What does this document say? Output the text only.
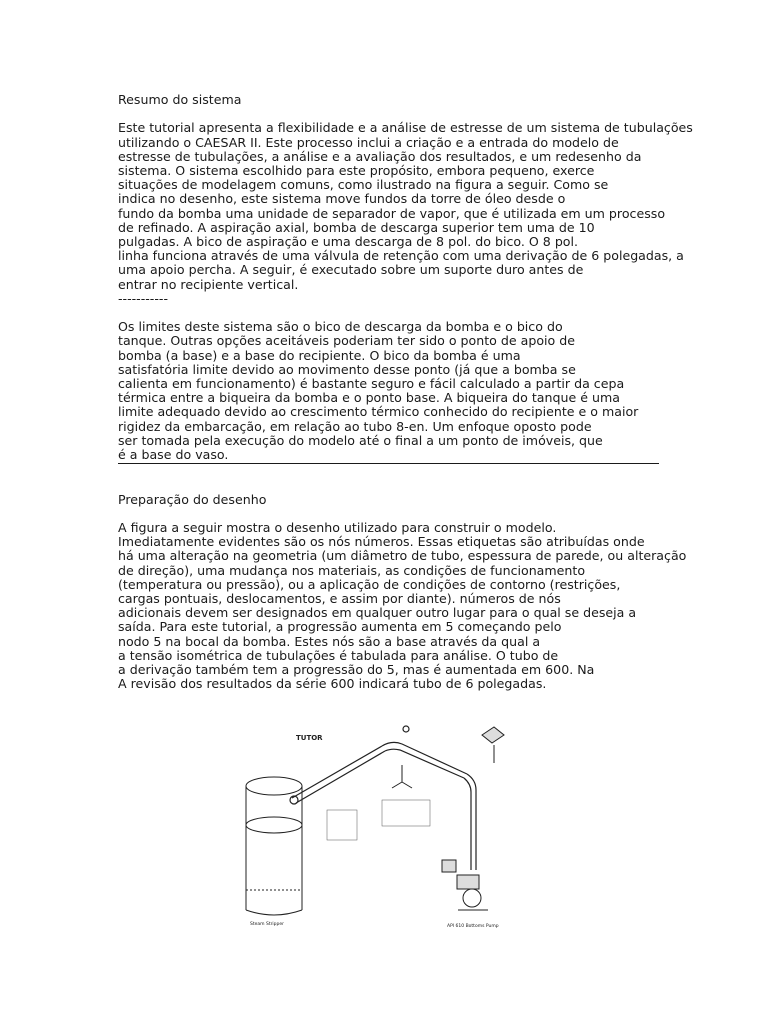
Resumo do sistema
Este tutorial apresenta a flexibilidade e a análise de estresse de um sistema de tubulações
utilizando o CAESAR II. Este processo inclui a criação e a entrada do modelo de
estresse de tubulações, a análise e a avaliação dos resultados, e um redesenho da
sistema. O sistema escolhido para este propósito, embora pequeno, exerce
situações de modelagem comuns, como ilustrado na figura a seguir. Como se
indica no desenho, este sistema move fundos da torre de óleo desde o
fundo da bomba uma unidade de separador de vapor, que é utilizada em um processo
de refinado. A aspiração axial, bomba de descarga superior tem uma de 10
pulgadas. A bico de aspiração e uma descarga de 8 pol. do bico. O 8 pol.
linha funciona através de uma válvula de retenção com uma derivação de 6 polegadas, a
uma apoio percha. A seguir, é executado sobre um suporte duro antes de
entrar no recipiente vertical.
-----------
Os limites deste sistema são o bico de descarga da bomba e o bico do
tanque. Outras opções aceitáveis poderiam ter sido o ponto de apoio de
bomba (a base) e a base do recipiente. O bico da bomba é uma
satisfatória limite devido ao movimento desse ponto (já que a bomba se
calienta em funcionamento) é bastante seguro e fácil calculado a partir da cepa
térmica entre a biqueira da bomba e o ponto base. A biqueira do tanque é uma
limite adequado devido ao crescimento térmico conhecido do recipiente e o maior
rigidez da embarcação, em relação ao tubo 8-en. Um enfoque oposto pode
ser tomada pela execução do modelo até o final a um ponto de imóveis, que
é a base do vaso.
Preparação do desenho
A figura a seguir mostra o desenho utilizado para construir o modelo.
Imediatamente evidentes são os nós números. Essas etiquetas são atribuídas onde
há uma alteração na geometria (um diâmetro de tubo, espessura de parede, ou alteração
de direção), uma mudança nos materiais, as condições de funcionamento
(temperatura ou pressão), ou a aplicação de condições de contorno (restrições,
cargas pontuais, deslocamentos, e assim por diante). números de nós
adicionais devem ser designados em qualquer outro lugar para o qual se deseja a
saída. Para este tutorial, a progressão aumenta em 5 começando pelo
nodo 5 na bocal da bomba. Estes nós são a base através da qual a
a tensão isométrica de tubulações é tabulada para análise. O tubo de
a derivação também tem a progressão do 5, mas é aumentada em 600. Na
A revisão dos resultados da série 600 indicará tubo de 6 polegadas.
TUTOR
Steam Stripper	API 610 Bottoms Pump
